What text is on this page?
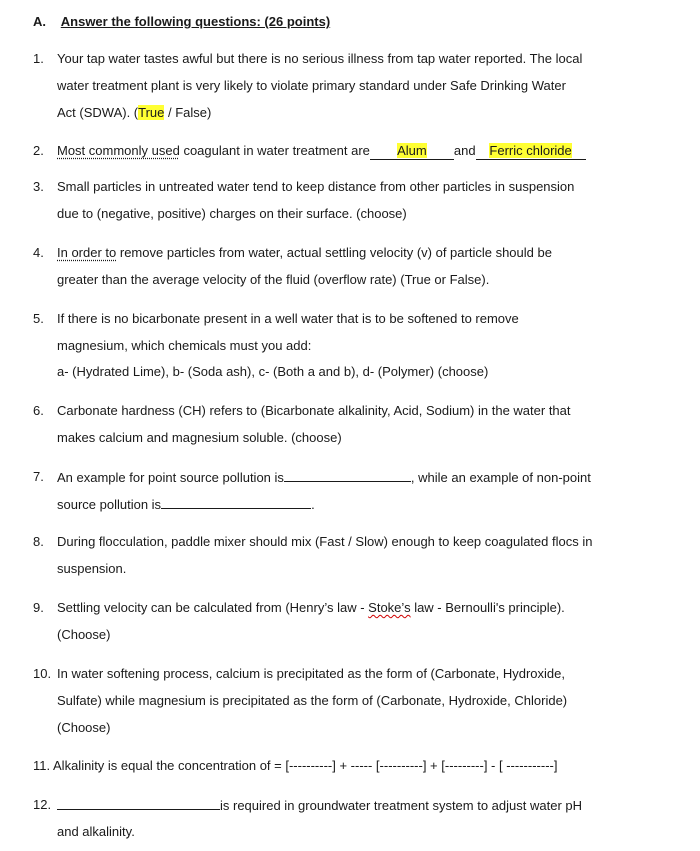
A. Answer the following questions: (26 points)
1. Your tap water tastes awful but there is no serious illness from tap water reported. The local
water treatment plant is very likely to violate primary standard under Safe Drinking Water
Act (SDWA). (True / False)
2. Most commonly used coagulant in water treatment are Alum and Ferric chloride
3. Small particles in untreated water tend to keep distance from other particles in suspension
due to (negative, positive) charges on their surface. (choose)
4. In order to remove particles from water, actual settling velocity (v) of particle should be
greater than the average velocity of the fluid (overflow rate) (True or False).
5. If there is no bicarbonate present in a well water that is to be softened to remove
magnesium, which chemicals must you add:
a- (Hydrated Lime), b- (Soda ash), c- (Both a and b), d- (Polymer) (choose)
6. Carbonate hardness (CH) refers to (Bicarbonate alkalinity, Acid, Sodium) in the water that
makes calcium and magnesium soluble. (choose)
7. An example for point source pollution is	, while an example of non-point
source pollution is	.
8. During flocculation, paddle mixer should mix (Fast / Slow) enough to keep coagulated flocs in
suspension.
9. Settling velocity can be calculated from (Henry’s law - Stoke’s law - Bernoulli's principle).
(Choose)
10. In water softening process, calcium is precipitated as the form of (Carbonate, Hydroxide,
Sulfate) while magnesium is precipitated as the form of (Carbonate, Hydroxide, Chloride)
(Choose)
11. Alkalinity is equal the concentration of = [----------] + ----- [----------] + [---------] - [ -----------]
12.	is required in groundwater treatment system to adjust water pH
and alkalinity.
